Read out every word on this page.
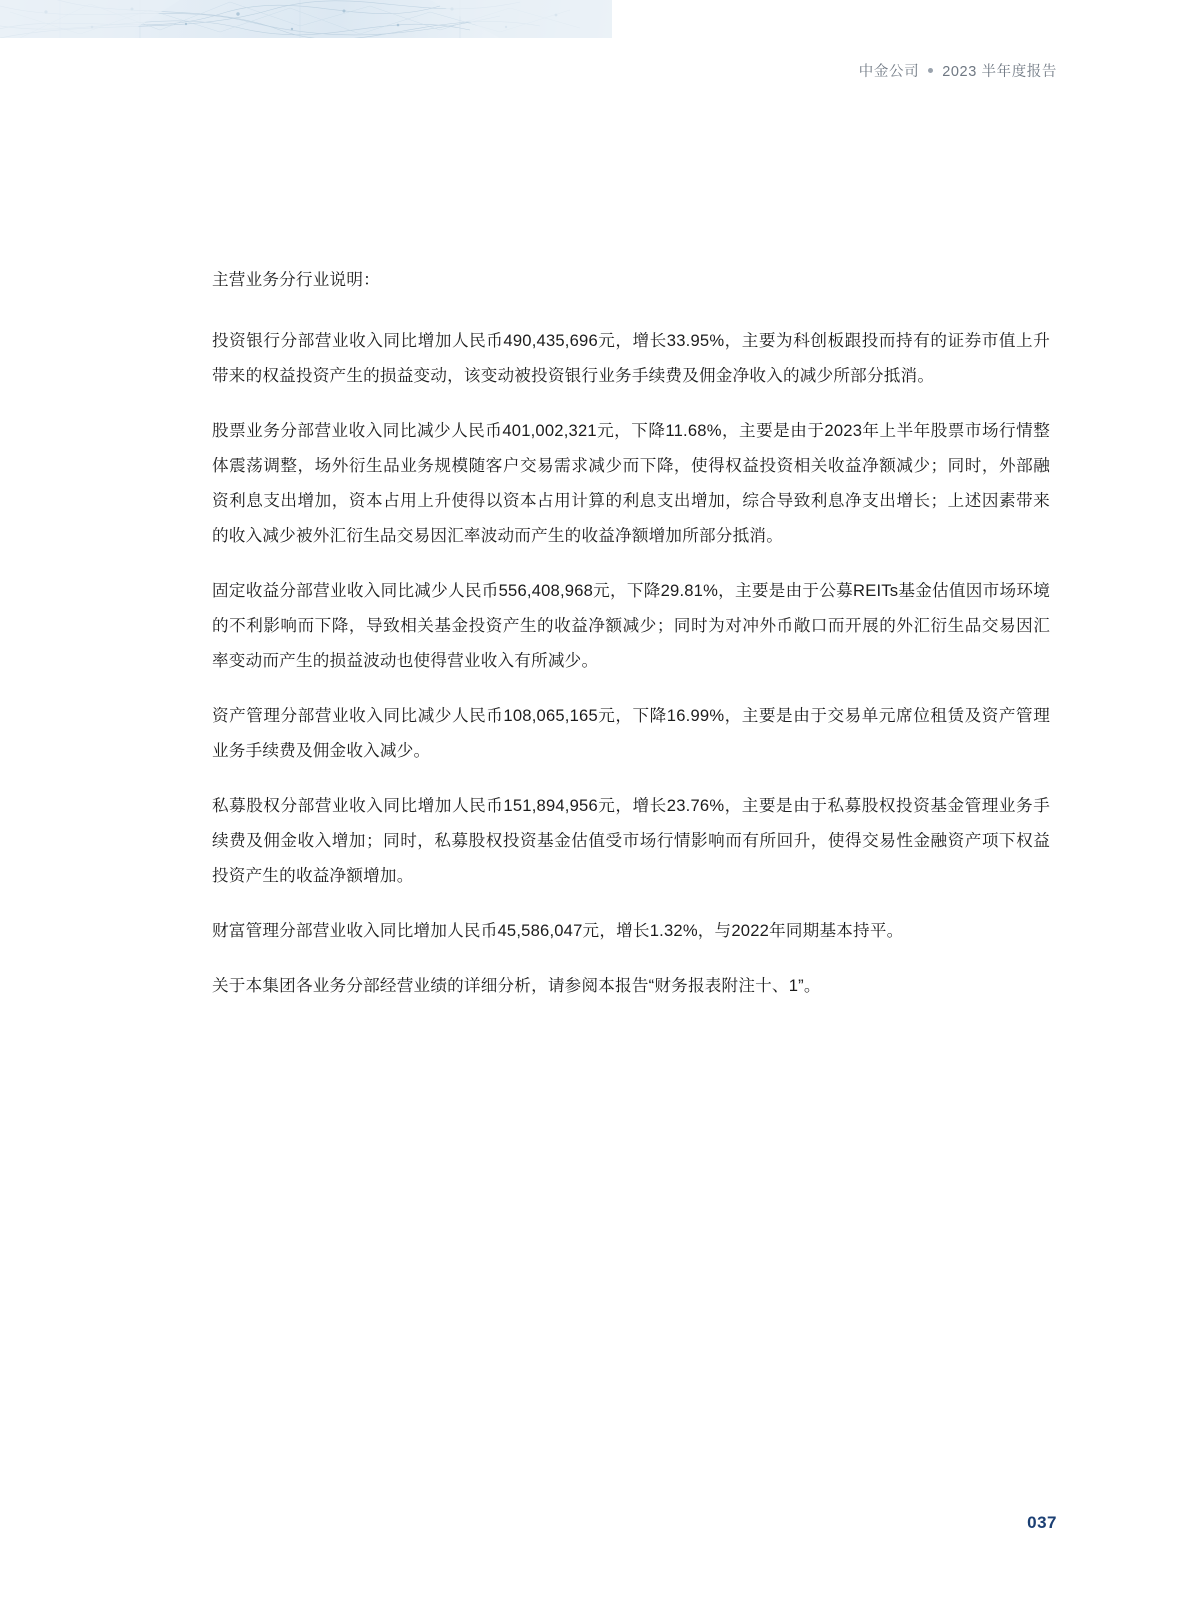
中金公司 2023 半年度报告

主营业务分行业说明：

投资银行分部营业收入同比增加人民币490,435,696元，增长33.95%，主要为科创板跟投而持有的证券市值上升带来的权益投资产生的损益变动，该变动被投资银行业务手续费及佣金净收入的减少所部分抵消。

股票业务分部营业收入同比减少人民币401,002,321元，下降11.68%，主要是由于2023年上半年股票市场行情整体震荡调整，场外衍生品业务规模随客户交易需求减少而下降，使得权益投资相关收益净额减少；同时，外部融资利息支出增加，资本占用上升使得以资本占用计算的利息支出增加，综合导致利息净支出增长；上述因素带来的收入减少被外汇衍生品交易因汇率波动而产生的收益净额增加所部分抵消。

固定收益分部营业收入同比减少人民币556,408,968元，下降29.81%，主要是由于公募REITs基金估值因市场环境的不利影响而下降，导致相关基金投资产生的收益净额减少；同时为对冲外币敞口而开展的外汇衍生品交易因汇率变动而产生的损益波动也使得营业收入有所减少。

资产管理分部营业收入同比减少人民币108,065,165元，下降16.99%，主要是由于交易单元席位租赁及资产管理业务手续费及佣金收入减少。

私募股权分部营业收入同比增加人民币151,894,956元，增长23.76%，主要是由于私募股权投资基金管理业务手续费及佣金收入增加；同时，私募股权投资基金估值受市场行情影响而有所回升，使得交易性金融资产项下权益投资产生的收益净额增加。

财富管理分部营业收入同比增加人民币45,586,047元，增长1.32%，与2022年同期基本持平。

关于本集团各业务分部经营业绩的详细分析，请参阅本报告“财务报表附注十、1”。

037
